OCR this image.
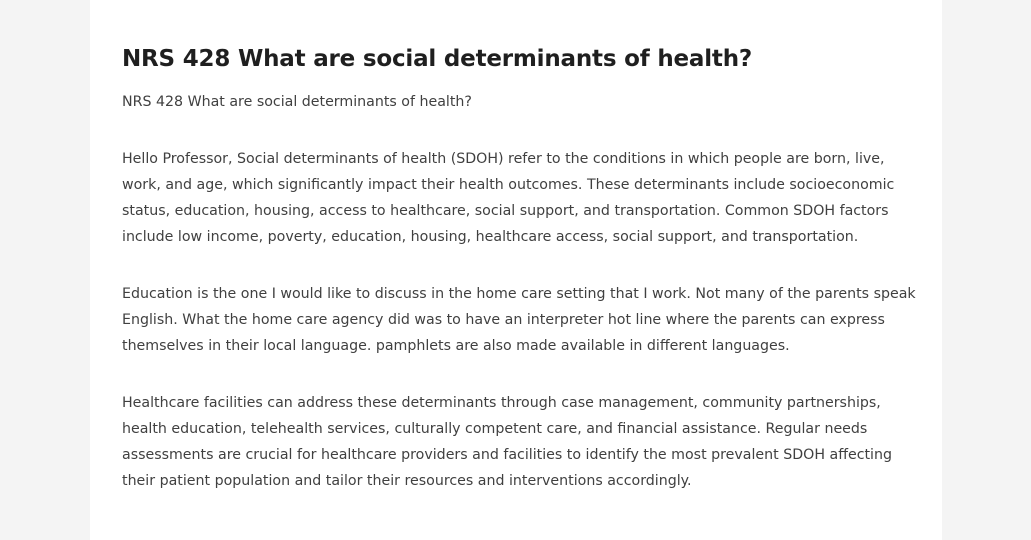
NRS 428 What are social determinants of health?

NRS 428 What are social determinants of health?

Hello Professor, Social determinants of health (SDOH) refer to the conditions in which people are born, live, work, and age, which significantly impact their health outcomes. These determinants include socioeconomic status, education, housing, access to healthcare, social support, and transportation. Common SDOH factors include low income, poverty, education, housing, healthcare access, social support, and transportation.

Education is the one I would like to discuss in the home care setting that I work. Not many of the parents speak English. What the home care agency did was to have an interpreter hot line where the parents can express themselves in their local language. pamphlets are also made available in different languages.

Healthcare facilities can address these determinants through case management, community partnerships, health education, telehealth services, culturally competent care, and financial assistance. Regular needs assessments are crucial for healthcare providers and facilities to identify the most prevalent SDOH affecting their patient population and tailor their resources and interventions accordingly.
